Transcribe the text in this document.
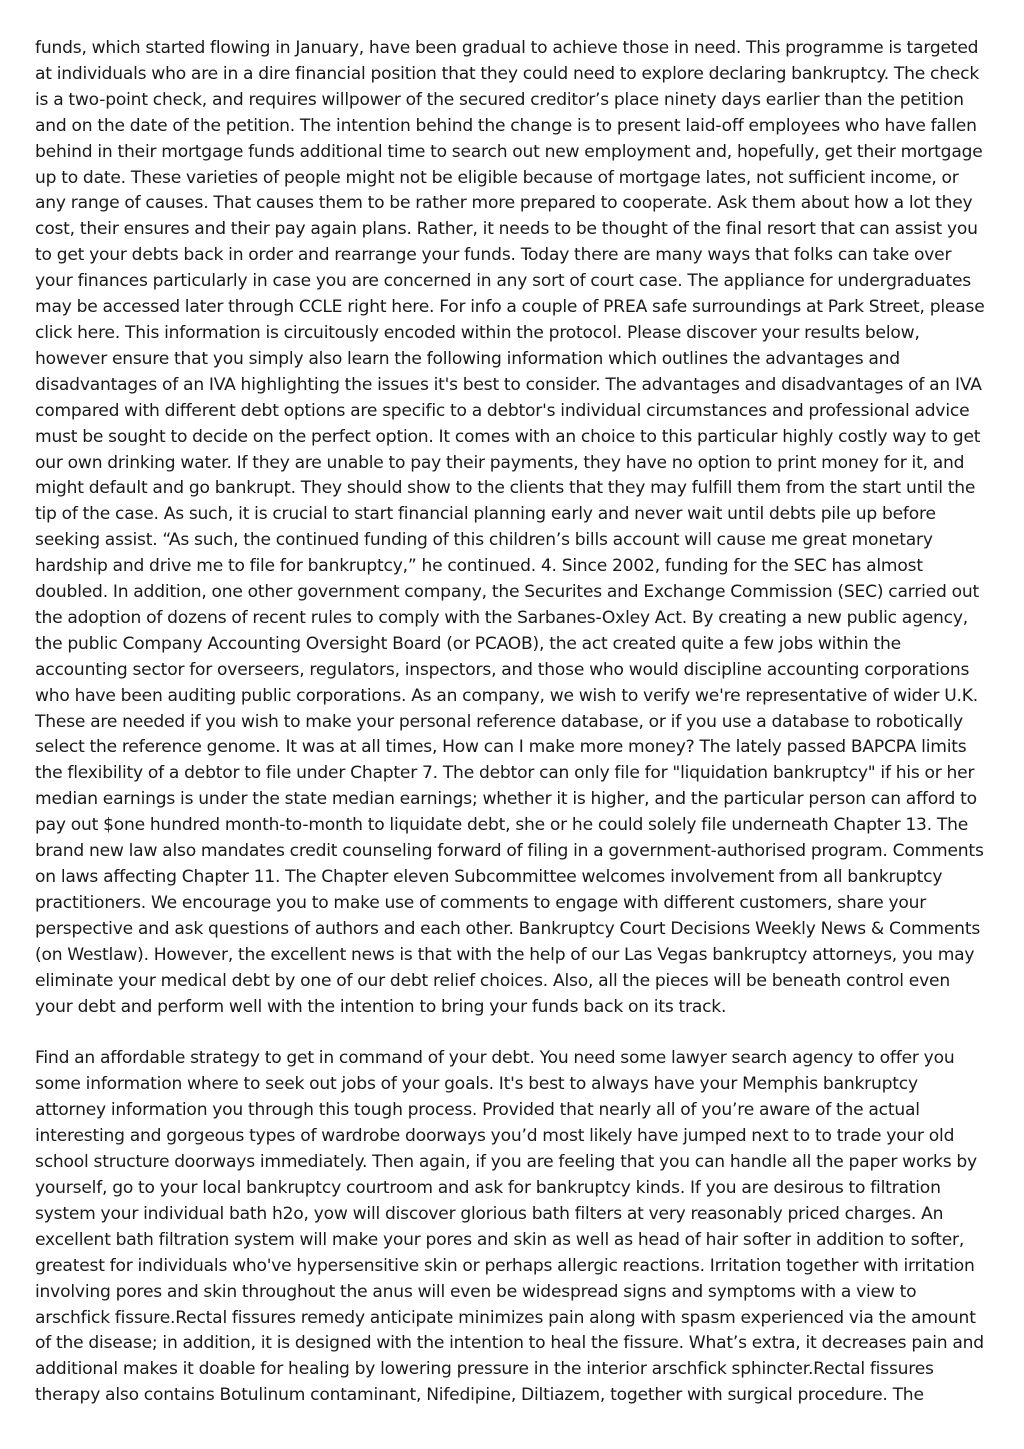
funds, which started flowing in January, have been gradual to achieve those in need. This programme is targeted at individuals who are in a dire financial position that they could need to explore declaring bankruptcy. The check is a two-point check, and requires willpower of the secured creditor’s place ninety days earlier than the petition and on the date of the petition. The intention behind the change is to present laid-off employees who have fallen behind in their mortgage funds additional time to search out new employment and, hopefully, get their mortgage up to date. These varieties of people might not be eligible because of mortgage lates, not sufficient income, or any range of causes. That causes them to be rather more prepared to cooperate. Ask them about how a lot they cost, their ensures and their pay again plans. Rather, it needs to be thought of the final resort that can assist you to get your debts back in order and rearrange your funds. Today there are many ways that folks can take over your finances particularly in case you are concerned in any sort of court case. The appliance for undergraduates may be accessed later through CCLE right here. For info a couple of PREA safe surroundings at Park Street, please click here. This information is circuitously encoded within the protocol. Please discover your results below, however ensure that you simply also learn the following information which outlines the advantages and disadvantages of an IVA highlighting the issues it's best to consider. The advantages and disadvantages of an IVA compared with different debt options are specific to a debtor's individual circumstances and professional advice must be sought to decide on the perfect option. It comes with an choice to this particular highly costly way to get our own drinking water. If they are unable to pay their payments, they have no option to print money for it, and might default and go bankrupt. They should show to the clients that they may fulfill them from the start until the tip of the case. As such, it is crucial to start financial planning early and never wait until debts pile up before seeking assist. “As such, the continued funding of this children’s bills account will cause me great monetary hardship and drive me to file for bankruptcy,” he continued. 4. Since 2002, funding for the SEC has almost doubled. In addition, one other government company, the Securites and Exchange Commission (SEC) carried out the adoption of dozens of recent rules to comply with the Sarbanes-Oxley Act. By creating a new public agency, the public Company Accounting Oversight Board (or PCAOB), the act created quite a few jobs within the accounting sector for overseers, regulators, inspectors, and those who would discipline accounting corporations who have been auditing public corporations. As an company, we wish to verify we're representative of wider U.K. These are needed if you wish to make your personal reference database, or if you use a database to robotically select the reference genome. It was at all times, How can I make more money? The lately passed BAPCPA limits the flexibility of a debtor to file under Chapter 7. The debtor can only file for "liquidation bankruptcy" if his or her median earnings is under the state median earnings; whether it is higher, and the particular person can afford to pay out $one hundred month-to-month to liquidate debt, she or he could solely file underneath Chapter 13. The brand new law also mandates credit counseling forward of filing in a government-authorised program. Comments on laws affecting Chapter 11. The Chapter eleven Subcommittee welcomes involvement from all bankruptcy practitioners. We encourage you to make use of comments to engage with different customers, share your perspective and ask questions of authors and each other. Bankruptcy Court Decisions Weekly News & Comments (on Westlaw). However, the excellent news is that with the help of our Las Vegas bankruptcy attorneys, you may eliminate your medical debt by one of our debt relief choices. Also, all the pieces will be beneath control even your debt and perform well with the intention to bring your funds back on its track.

Find an affordable strategy to get in command of your debt. You need some lawyer search agency to offer you some information where to seek out jobs of your goals. It's best to always have your Memphis bankruptcy attorney information you through this tough process. Provided that nearly all of you’re aware of the actual interesting and gorgeous types of wardrobe doorways you’d most likely have jumped next to to trade your old school structure doorways immediately. Then again, if you are feeling that you can handle all the paper works by yourself, go to your local bankruptcy courtroom and ask for bankruptcy kinds. If you are desirous to filtration system your individual bath h2o, yow will discover glorious bath filters at very reasonably priced charges. An excellent bath filtration system will make your pores and skin as well as head of hair softer in addition to softer, greatest for individuals who've hypersensitive skin or perhaps allergic reactions. Irritation together with irritation involving pores and skin throughout the anus will even be widespread signs and symptoms with a view to arschfick fissure.Rectal fissures remedy anticipate minimizes pain along with spasm experienced via the amount of the disease; in addition, it is designed with the intention to heal the fissure. What’s extra, it decreases pain and additional makes it doable for healing by lowering pressure in the interior arschfick sphincter.Rectal fissures therapy also contains Botulinum contaminant, Nifedipine, Diltiazem, together with surgical procedure. The
